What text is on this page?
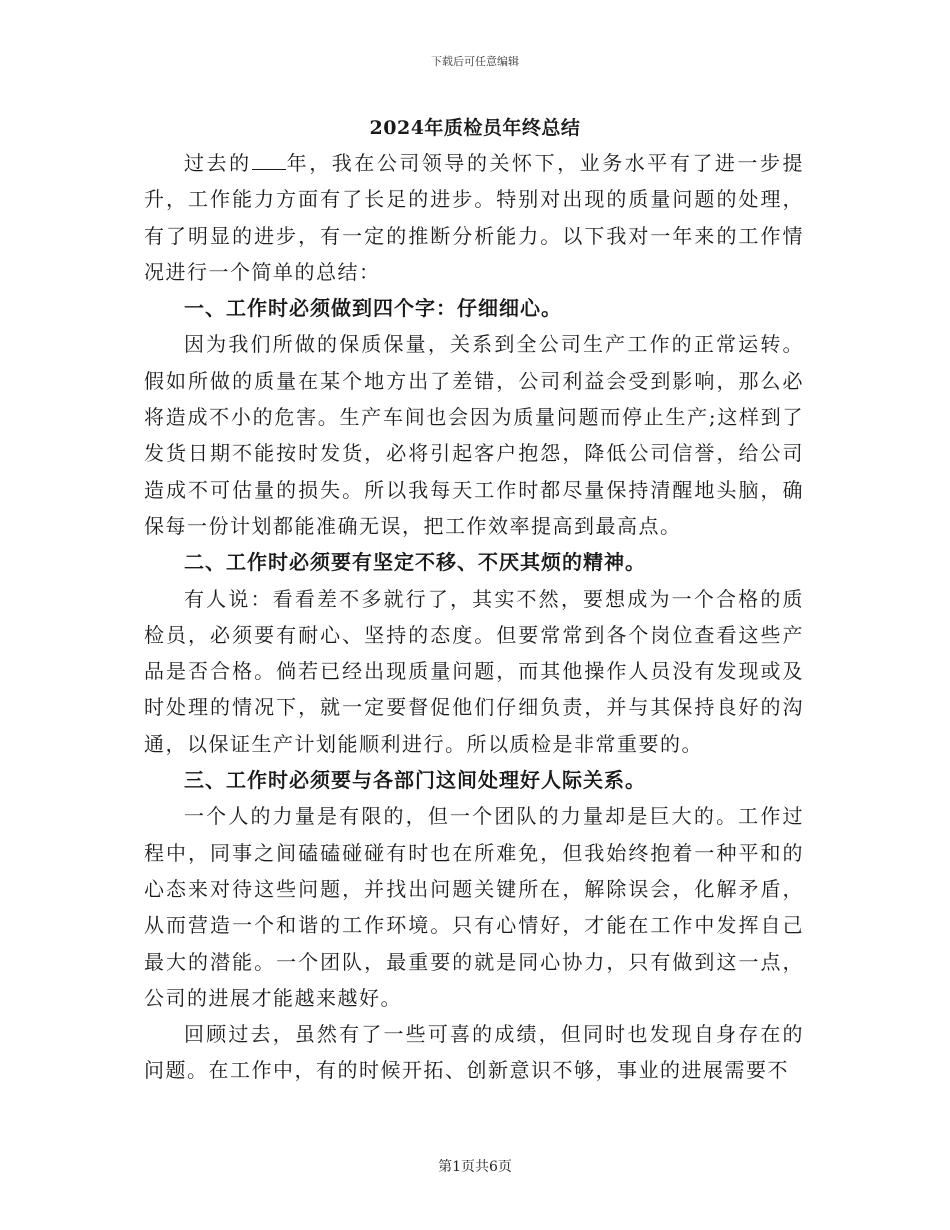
下载后可任意编辑
2024年质检员年终总结

过去的 年，我在公司领导的关怀下，业务水平有了进一步提升，工作能力方面有了长足的进步。特别对出现的质量问题的处理，有了明显的进步，有一定的推断分析能力。以下我对一年来的工作情况进行一个简单的总结：

一、工作时必须做到四个字：仔细细心。

因为我们所做的保质保量，关系到全公司生产工作的正常运转。假如所做的质量在某个地方出了差错，公司利益会受到影响，那么必将造成不小的危害。生产车间也会因为质量问题而停止生产;这样到了发货日期不能按时发货，必将引起客户抱怨，降低公司信誉，给公司造成不可估量的损失。所以我每天工作时都尽量保持清醒地头脑，确保每一份计划都能准确无误，把工作效率提高到最高点。

二、工作时必须要有坚定不移、不厌其烦的精神。

有人说：看看差不多就行了，其实不然，要想成为一个合格的质检员，必须要有耐心、坚持的态度。但要常常到各个岗位查看这些产品是否合格。倘若已经出现质量问题，而其他操作人员没有发现或及时处理的情况下，就一定要督促他们仔细负责，并与其保持良好的沟通，以保证生产计划能顺利进行。所以质检是非常重要的。

三、工作时必须要与各部门这间处理好人际关系。

一个人的力量是有限的，但一个团队的力量却是巨大的。工作过程中，同事之间磕磕碰碰有时也在所难免，但我始终抱着一种平和的心态来对待这些问题，并找出问题关键所在，解除误会，化解矛盾，从而营造一个和谐的工作环境。只有心情好，才能在工作中发挥自己最大的潜能。一个团队，最重要的就是同心协力，只有做到这一点，公司的进展才能越来越好。

回顾过去，虽然有了一些可喜的成绩，但同时也发现自身存在的问题。在工作中，有的时候开拓、创新意识不够，事业的进展需要不

第1页共6页
